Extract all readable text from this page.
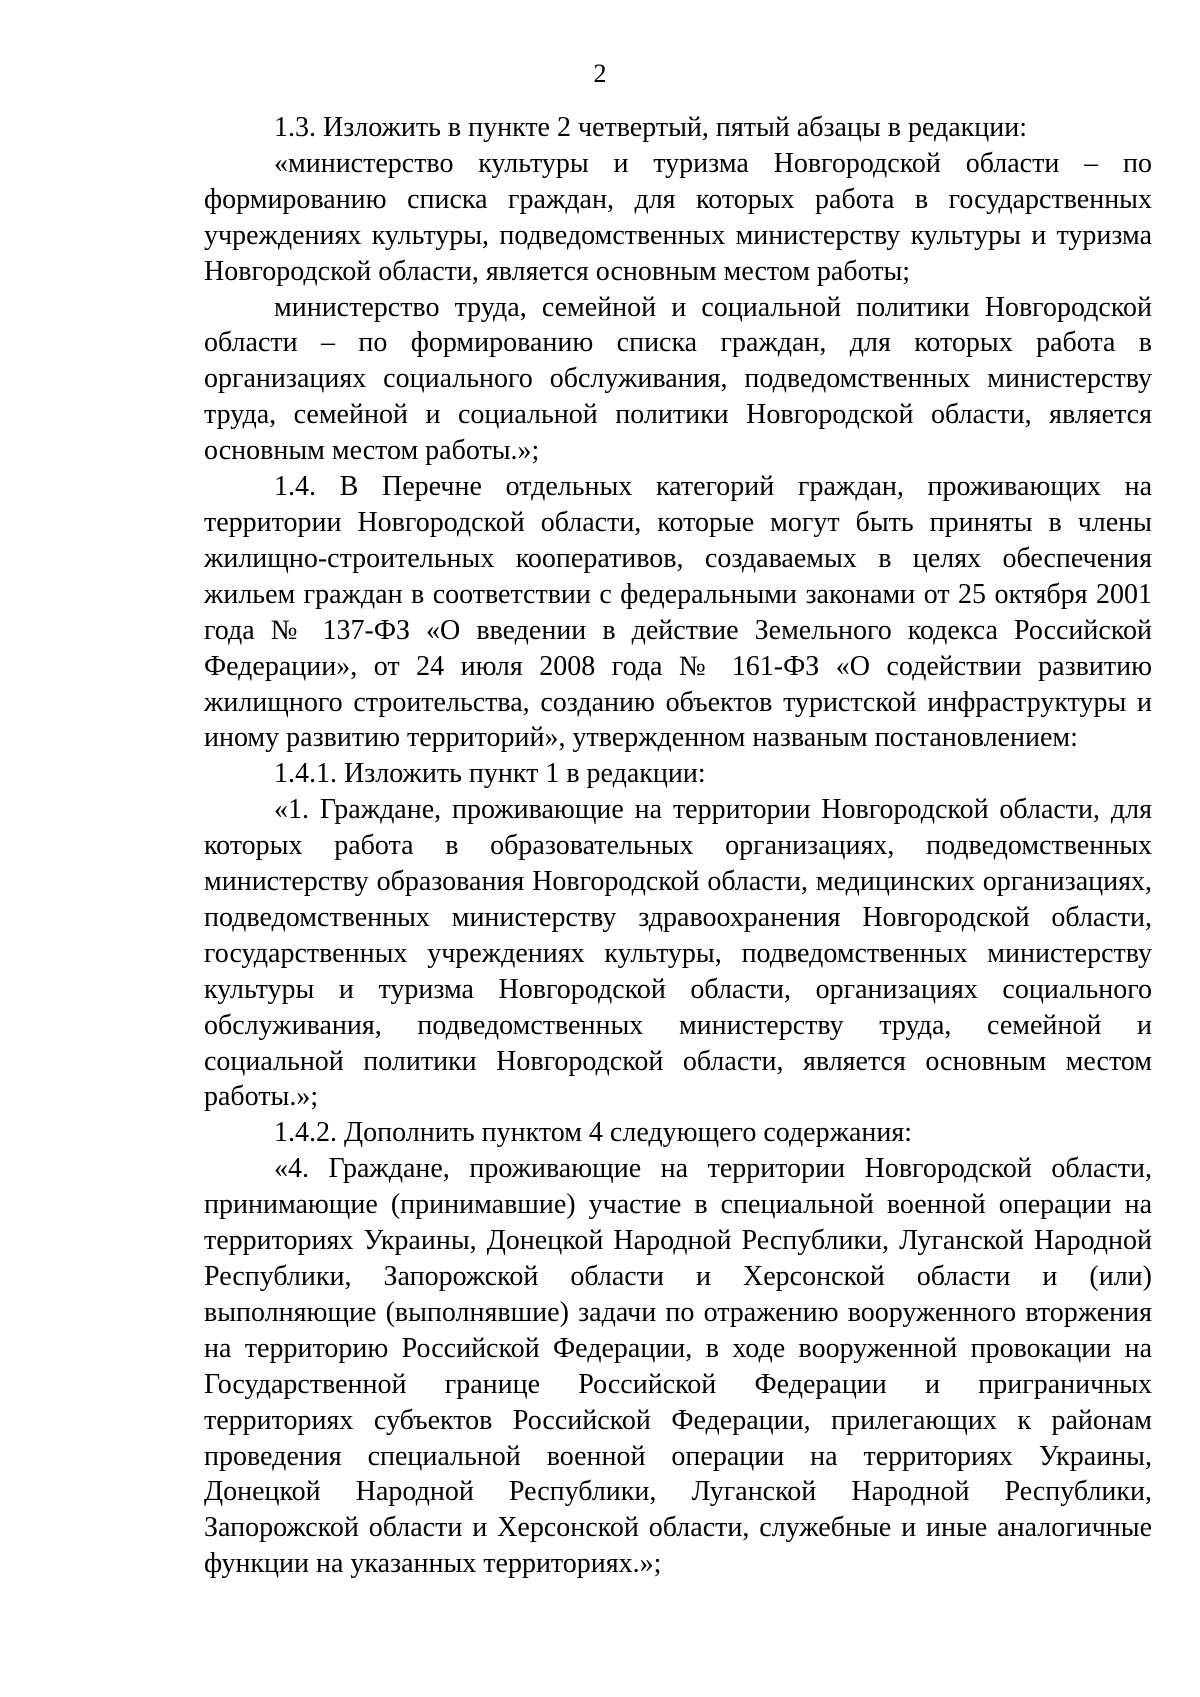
2

1.3. Изложить в пункте 2 четвертый, пятый абзацы в редакции:

«министерство культуры и туризма Новгородской области – по формированию списка граждан, для которых работа в государственных учреждениях культуры, подведомственных министерству культуры и туризма Новгородской области, является основным местом работы;

министерство труда, семейной и социальной политики Новгородской области – по формированию списка граждан, для которых работа в организациях социального обслуживания, подведомственных министерству труда, семейной и социальной политики Новгородской области, является основным местом работы.»;

1.4. В Перечне отдельных категорий граждан, проживающих на территории Новгородской области, которые могут быть приняты в члены жилищно-строительных кооперативов, создаваемых в целях обеспечения жильем граждан в соответствии с федеральными законами от 25 октября 2001 года № 137-ФЗ «О введении в действие Земельного кодекса Российской Федерации», от 24 июля 2008 года № 161-ФЗ «О содействии развитию жилищного строительства, созданию объектов туристской инфраструктуры и иному развитию территорий», утвержденном названым постановлением:

1.4.1. Изложить пункт 1 в редакции:

«1. Граждане, проживающие на территории Новгородской области, для которых работа в образовательных организациях, подведомственных министерству образования Новгородской области, медицинских организациях, подведомственных министерству здравоохранения Новгородской области, государственных учреждениях культуры, подведомственных министерству культуры и туризма Новгородской области, организациях социального обслуживания, подведомственных министерству труда, семейной и социальной политики Новгородской области, является основным местом работы.»;

1.4.2. Дополнить пунктом 4 следующего содержания:

«4. Граждане, проживающие на территории Новгородской области, принимающие (принимавшие) участие в специальной военной операции на территориях Украины, Донецкой Народной Республики, Луганской Народной Республики, Запорожской области и Херсонской области и (или) выполняющие (выполнявшие) задачи по отражению вооруженного вторжения на территорию Российской Федерации, в ходе вооруженной провокации на Государственной границе Российской Федерации и приграничных территориях субъектов Российской Федерации, прилегающих к районам проведения специальной военной операции на территориях Украины, Донецкой Народной Республики, Луганской Народной Республики, Запорожской области и Херсонской области, служебные и иные аналогичные функции на указанных территориях.»;
